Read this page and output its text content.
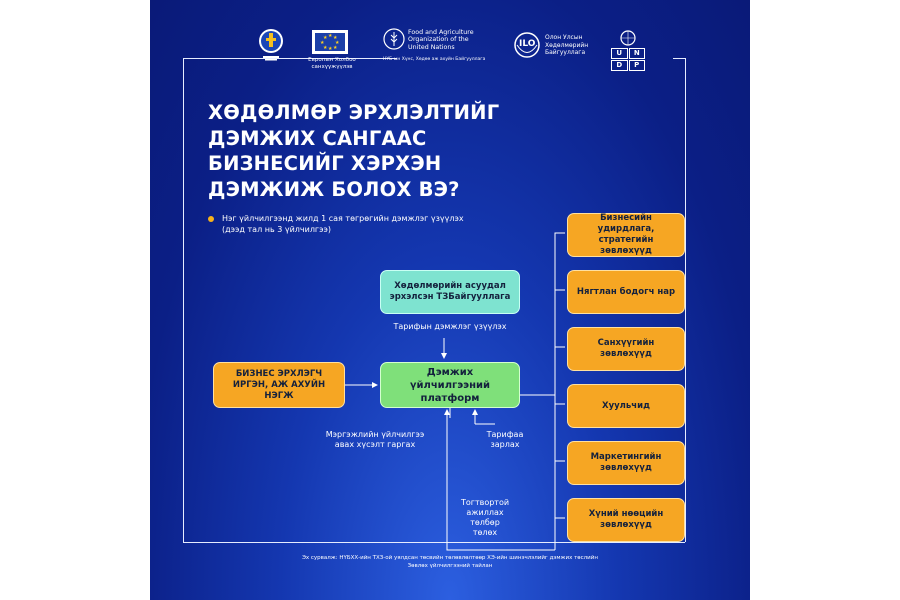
★ ★
★
★
★
★
★
★
Европын Холбоо санхүүжүүлэв
Food and Agriculture Organization of the United Nations
НҮБ-ын Хүнс, Хөдөө аж ахуйн Байгууллага
ILO
Олон Улсын Хөдөлмөрийн Байгууллага	U	N
D	P
ХӨДӨЛМӨР ЭРХЛЭЛТИЙГ
ДЭМЖИХ САНГААС
БИЗНЕСИЙГ ХЭРХЭН
ДЭМЖИЖ БОЛОХ ВЭ?
Нэг үйлчилгээнд жилд 1 сая төгрөгийн дэмжлэг үзүүлэх
(дээд тал нь 3 үйлчилгээ)
Хөдөлмөрийн асуудал эрхэлсэн ТЗБайгууллага
Дэмжих үйлчилгээний платформ
БИЗНЕС ЭРХЛЭГЧ ИРГЭН, АЖ АХУЙН НЭГЖ
Бизнесийн удирдлага, стратегийн зөвлөхүүд
Нягтлан бодогч нар
Санхүүгийн зөвлөхүүд
Хуульчид
Маркетингийн зөвлөхүүд
Хүний нөөцийн зөвлөхүүд
Тарифын дэмжлэг үзүүлэх
Мэргэжлийн үйлчилгээ
авах хүсэлт гаргах
Тарифаа
зарлах
Тогтвортой
ажиллах
төлбөр
төлөх
Эх сурвалж: НҮБХХ-ийн ТХЗ-ой уялдсан төсвийн төлөвлөлтөөр ХЭ-ийн шинэчлэлийг дэмжих төслийн
Зөвлөх үйлчилгээний тайлан
